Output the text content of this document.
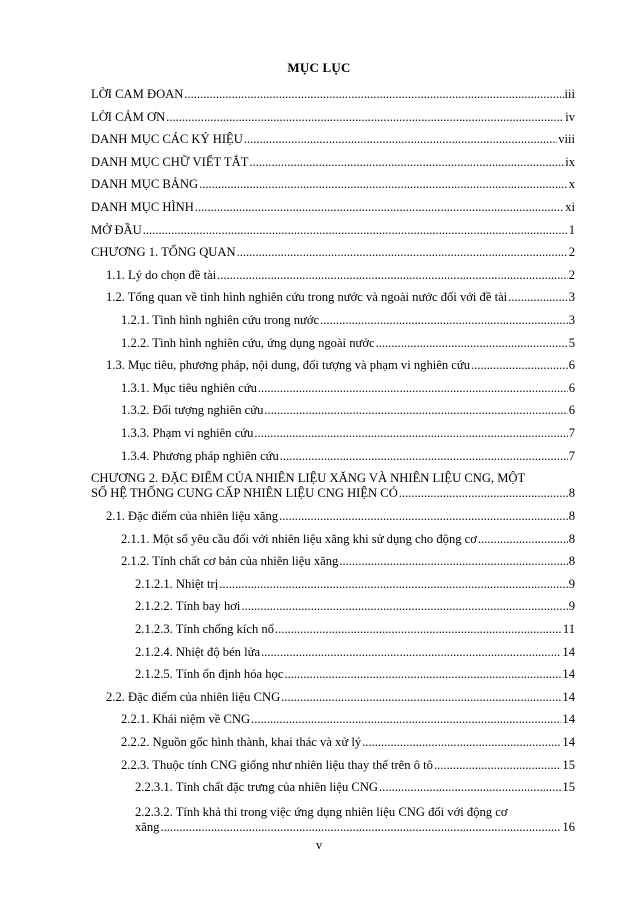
MỤC LỤC
LỜI CAM ĐOAN .....	iii
LỜI CẢM ƠN .....	iv
DANH MỤC CÁC KÝ HIỆU .....	viii
DANH MỤC CHỮ VIẾT TẮT .....	ix
DANH MỤC BẢNG .....	x
DANH MỤC HÌNH .....	xi
MỞ ĐẦU .....	1
CHƯƠNG 1. TỔNG QUAN .....	2
1.1. Lý do chọn đề tài .....	2
1.2. Tổng quan về tình hình nghiên cứu trong nước và ngoài nước đối với đề tài .....	3
1.2.1. Tình hình nghiên cứu trong nước .....	3
1.2.2. Tình hình nghiên cứu, ứng dụng ngoài nước .....	5
1.3. Mục tiêu, phương pháp, nội dung, đối tượng và phạm vi nghiên cứu .....	6
1.3.1. Mục tiêu nghiên cứu .....	6
1.3.2. Đối tượng nghiên cứu .....	6
1.3.3. Phạm vi nghiên cứu .....	7
1.3.4. Phương pháp nghiên cứu .....	7
CHƯƠNG 2. ĐẶC ĐIỂM CỦA NHIÊN LIỆU XĂNG VÀ NHIÊN LIỆU CNG, MỘT
SỐ HỆ THỐNG CUNG CẤP NHIÊN LIỆU CNG HIỆN CÓ .....	8
2.1. Đặc điểm của nhiên liệu xăng .....	8
2.1.1. Một số yêu cầu đối với nhiên liệu xăng khi sử dụng cho động cơ .....	8
2.1.2. Tính chất cơ bản của nhiên liệu xăng .....	8
2.1.2.1. Nhiệt trị .....	9
2.1.2.2. Tính bay hơi .....	9
2.1.2.3. Tính chống kích nổ .....	11
2.1.2.4. Nhiệt độ bén lửa .....	14
2.1.2.5. Tính ổn định hóa học .....	14
2.2. Đặc điểm của nhiên liệu CNG .....	14
2.2.1. Khái niệm về CNG .....	14
2.2.2. Nguồn gốc hình thành, khai thác và xử lý .....	14
2.2.3. Thuộc tính CNG giống như nhiên liệu thay thế trên ô tô .....	15
2.2.3.1. Tính chất đặc trưng của nhiên liệu CNG .....	15
2.2.3.2. Tính khả thi trong việc ứng dụng nhiên liệu CNG đối với động cơ
xăng .....	16
v
